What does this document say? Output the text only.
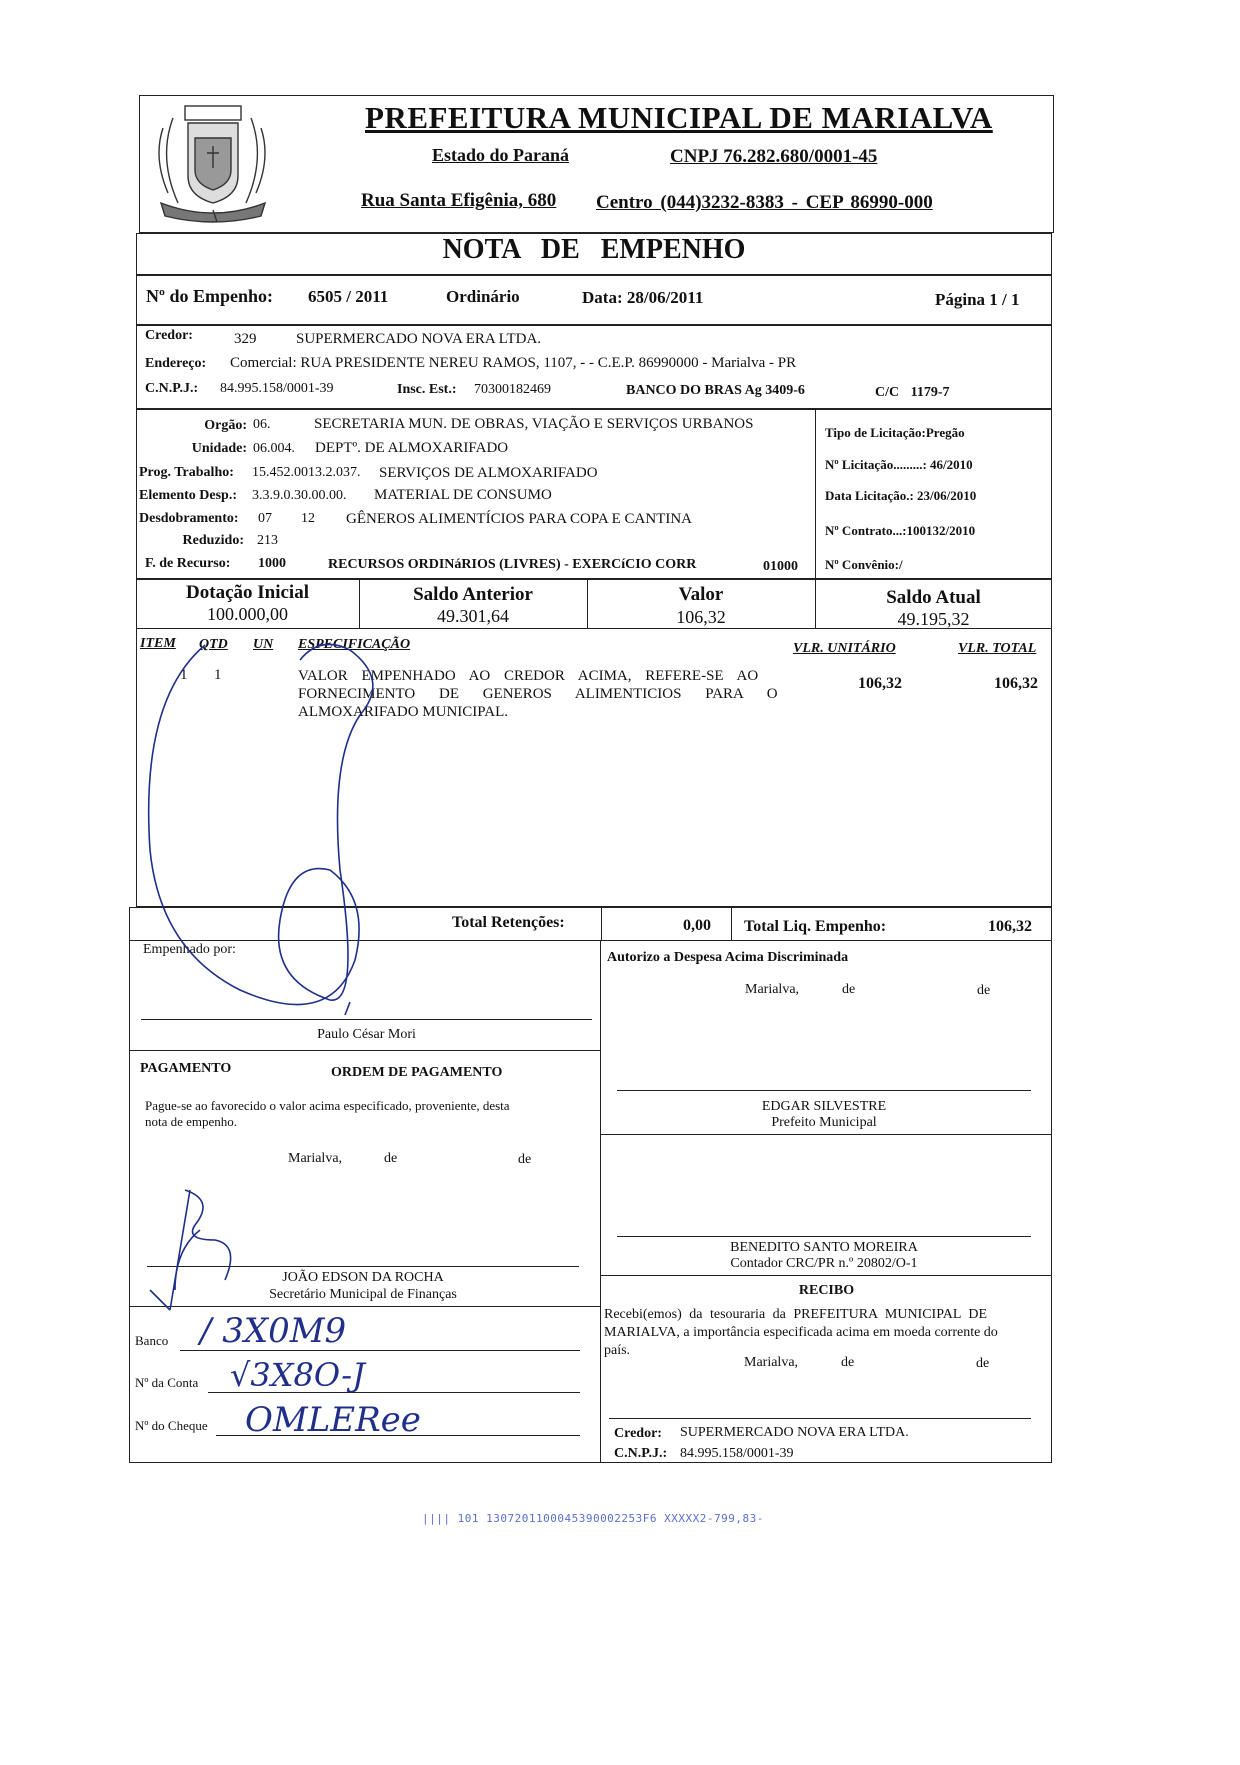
PREFEITURA MUNICIPAL DE MARIALVA
Estado do Paraná	CNPJ 76.282.680/0001-45
Rua Santa Efigênia, 680 Centro (044)3232-8383 - CEP 86990-000
NOTA DE EMPENHO
Nº do Empenho: 6505 / 2011	Ordinário	Data: 28/06/2011	Página 1 / 1
Credor:	329	SUPERMERCADO NOVA ERA LTDA.
Endereço: Comercial: RUA PRESIDENTE NEREU RAMOS, 1107, - - C.E.P. 86990000 - Marialva - PR
C.N.P.J.: 84.995.158/0001-39	Insc. Est.: 70300182469	BANCO DO BRAS Ag 3409-6	C/C 1179-7
Orgão: 06.	SECRETARIA MUN. DE OBRAS, VIAÇÃO E SERVIÇOS URBANOS
Unidade: 06.004. DEPTº. DE ALMOXARIFADO
Prog. Trabalho: 15.452.0013.2.037. SERVIÇOS DE ALMOXARIFADO
Elemento Desp.: 3.3.9.0.30.00.00. MATERIAL DE CONSUMO
Desdobramento: 07 12 GÊNEROS ALIMENTÍCIOS PARA COPA E CANTINA
Reduzido: 213
F. de Recurso: 1000	RECURSOS ORDINáRIOS (LIVRES) - EXERCíCIO CORR	01000
Tipo de Licitação:Pregão
Nº Licitação.........: 46/2010
Data Licitação.: 23/06/2010
Nº Contrato...:100132/2010
Nº Convênio:/
Dotação Inicial
100.000,00
Saldo Anterior
49.301,64
Valor
106,32
Saldo Atual
49.195,32
ITEM QTD UN ESPECIFICAÇÃO	VLR. UNITÁRIO	VLR. TOTAL
1 1	VALOR EMPENHADO AO CREDOR ACIMA, REFERE-SE AO
FORNECIMENTO DE GENEROS ALIMENTICIOS PARA O
ALMOXARIFADO MUNICIPAL.
106,32	106,32
Total Retenções:	0,00 Total Liq. Empenho:	106,32
Empenhado por:
Paulo César Mori
PAGAMENTO	ORDEM DE PAGAMENTO
Pague-se ao favorecido o valor acima especificado, proveniente, desta
nota de empenho.
Marialva,	de	de
JOÃO EDSON DA ROCHA
Secretário Municipal de Finanças
Banco / 3X0M9
Nº da Conta √3X8O-J
Nº do Cheque OMLERee
Autorizo a Despesa Acima Discriminada
Marialva,	de	de
EDGAR SILVESTRE
Prefeito Municipal
BENEDITO SANTO MOREIRA
Contador CRC/PR n.º 20802/O-1
RECIBO
Recebi(emos) da tesouraria da PREFEITURA MUNICIPAL DE
MARIALVA, a importância especificada acima em moeda corrente do
país.
Marialva,	de	de
Credor: SUPERMERCADO NOVA ERA LTDA.
C.N.P.J.: 84.995.158/0001-39
|||| 101 1307201100045390002253F6 XXXXX2-799,83-
